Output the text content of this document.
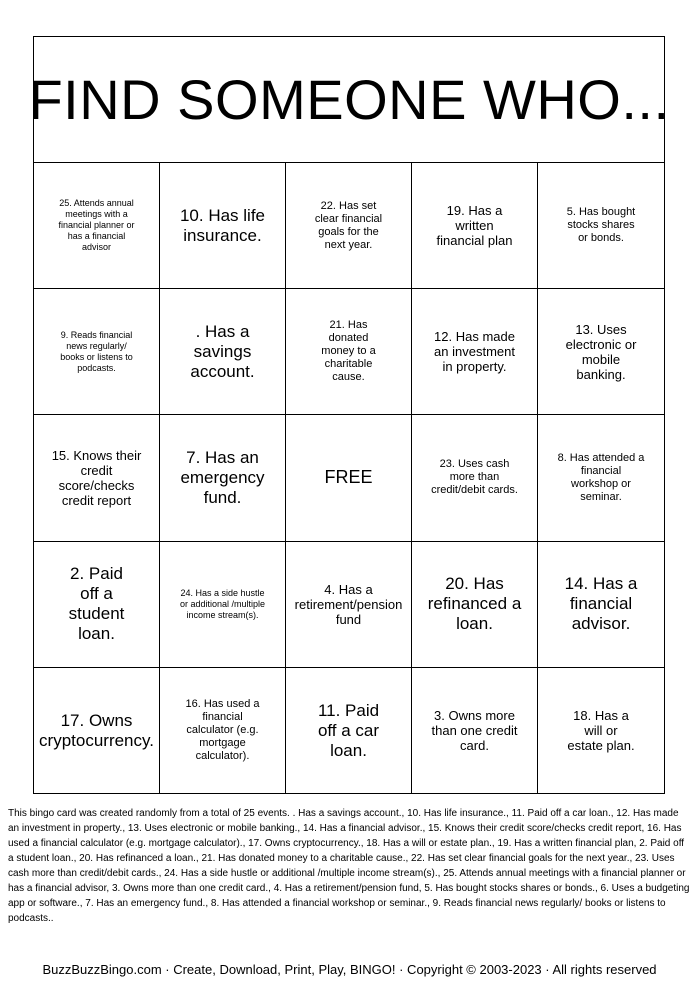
FIND SOMEONE WHO...
25. Attends annual meetings with a financial planner or has a financial advisor
10. Has life insurance.
22. Has set clear financial goals for the next year.
19. Has a written financial plan
5. Has bought stocks shares or bonds.
9. Reads financial news regularly/ books or listens to podcasts.
. Has a savings account.
21. Has donated money to a charitable cause.
12. Has made an investment in property.
13. Uses electronic or mobile banking.
15. Knows their credit score/checks credit report
7. Has an emergency fund.
FREE
23. Uses cash more than credit/debit cards.
8. Has attended a financial workshop or seminar.
2. Paid off a student loan.
24. Has a side hustle or additional /multiple income stream(s).
4. Has a retirement/pension fund
20. Has refinanced a loan.
14. Has a financial advisor.
17. Owns cryptocurrency.
16. Has used a financial calculator (e.g. mortgage calculator).
11. Paid off a car loan.
3. Owns more than one credit card.
18. Has a will or estate plan.
This bingo card was created randomly from a total of 25 events. . Has a savings account., 10. Has life insurance., 11. Paid off a car loan., 12. Has made an investment in property., 13. Uses electronic or mobile banking., 14. Has a financial advisor., 15. Knows their credit score/checks credit report, 16. Has used a financial calculator (e.g. mortgage calculator)., 17. Owns cryptocurrency., 18. Has a will or estate plan., 19. Has a written financial plan, 2. Paid off a student loan., 20. Has refinanced a loan., 21. Has donated money to a charitable cause., 22. Has set clear financial goals for the next year., 23. Uses cash more than credit/debit cards., 24. Has a side hustle or additional /multiple income stream(s)., 25. Attends annual meetings with a financial planner or has a financial advisor, 3. Owns more than one credit card., 4. Has a retirement/pension fund, 5. Has bought stocks shares or bonds., 6. Uses a budgeting app or software., 7. Has an emergency fund., 8. Has attended a financial workshop or seminar., 9. Reads financial news regularly/ books or listens to podcasts..
BuzzBuzzBingo.com · Create, Download, Print, Play, BINGO! · Copyright © 2003-2023 · All rights reserved
